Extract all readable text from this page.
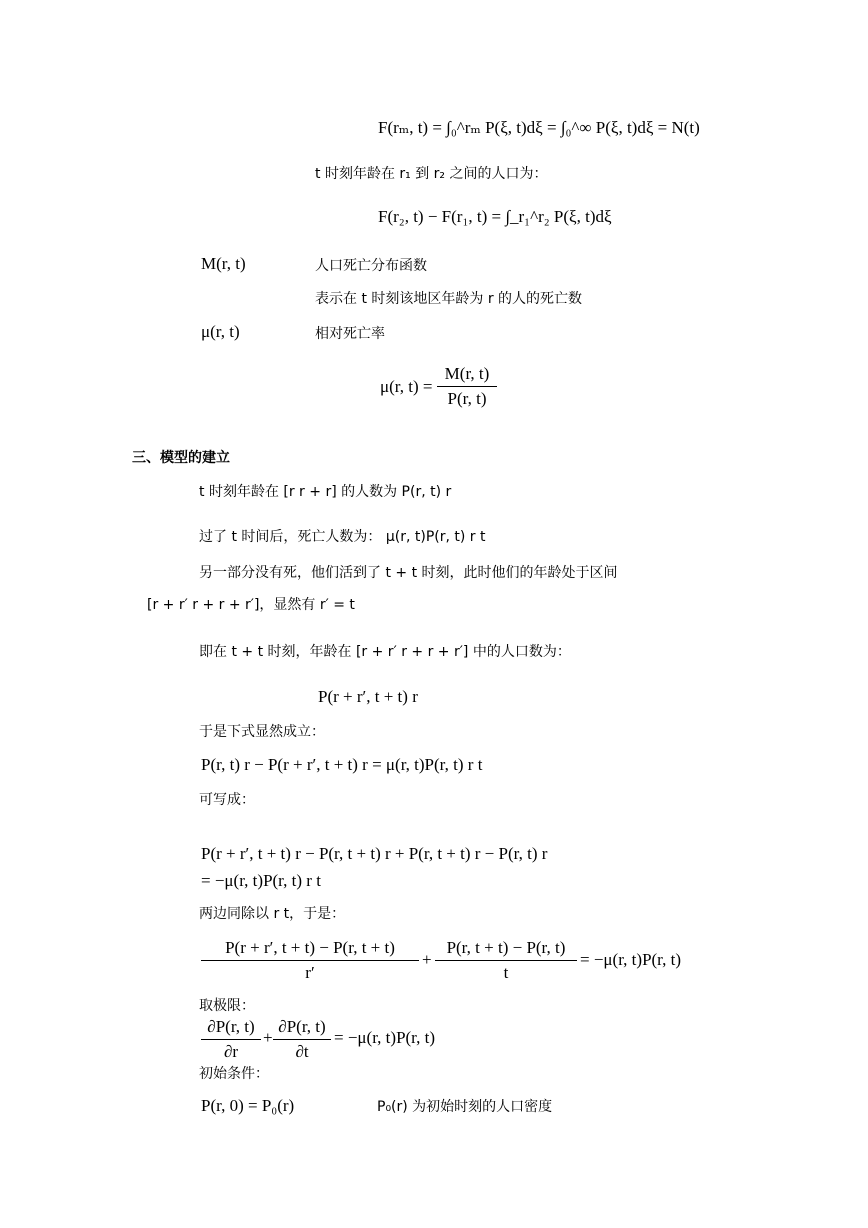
F(rₘ, t) = ∫₀^rₘ P(ξ, t)dξ = ∫₀^∞ P(ξ, t)dξ = N(t)
t 时刻年龄在 r₁ 到 r₂ 之间的人口为：
F(r₂, t) − F(r₁, t) = ∫_r₁^r₂ P(ξ, t)dξ
M(r, t)	人口死亡分布函数
表示在 t 时刻该地区年龄为 r 的人的死亡数
μ(r, t)	相对死亡率
μ(r, $t) = \frac{M(r, t)}{P(r, t)}$
三、模型的建立
t 时刻年龄在 [r r + r] 的人数为 P(r, t) r
过了 t 时间后，死亡人数为： μ(r, t)P(r, t) r t
另一部分没有死，他们活到了 t + t 时刻，此时他们的年龄处于区间
[r + r′ r + r + r′]，显然有 r′ = t
即在 t + t 时刻，年龄在 [r + r′ r + r + r′] 中的人口数为：
P(r + r′, t + t) r
于是下式显然成立：
P(r, t) r − P(r + r′, t + t) r = μ(r, t)P(r, t) r t
可写成：
P(r + r′, t + t) r − P(r, t + t) r + P(r, t + t) r − P(r, t) r
= −μ(r, t)P(r, t) r t
两边同除以 r t，于是：
$\frac{P(r + r', t + t) - P(r, t + t)}{r'} + \frac{P(r, t + t) - P(r, t)}{t} = -\mu(r$, t)P(r, t)
取极限：
$\frac{\partial P(r, t)}{\partial r} + \frac{\partial P(r, t)}{\partial t} = -\mu(r$, t)P(r, t)
初始条件：
P(r, 0) = P₀(r)	P₀(r) 为初始时刻的人口密度
